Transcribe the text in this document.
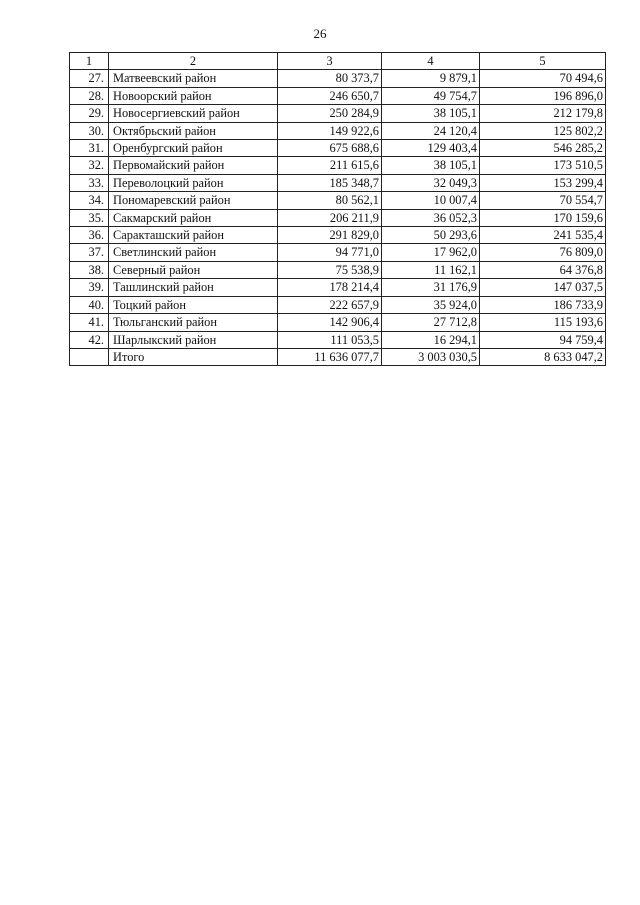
26
1	2	3	4	5
27.	Матвеевский район	80 373,7	9 879,1	70 494,6
28.	Новоорский район	246 650,7	49 754,7	196 896,0
29.	Новосергиевский район	250 284,9	38 105,1	212 179,8
30.	Октябрьский район	149 922,6	24 120,4	125 802,2
31.	Оренбургский район	675 688,6	129 403,4	546 285,2
32.	Первомайский район	211 615,6	38 105,1	173 510,5
33.	Переволоцкий район	185 348,7	32 049,3	153 299,4
34.	Пономаревский район	80 562,1	10 007,4	70 554,7
35.	Сакмарский район	206 211,9	36 052,3	170 159,6
36.	Саракташский район	291 829,0	50 293,6	241 535,4
37.	Светлинский район	94 771,0	17 962,0	76 809,0
38.	Северный район	75 538,9	11 162,1	64 376,8
39.	Ташлинский район	178 214,4	31 176,9	147 037,5
40.	Тоцкий район	222 657,9	35 924,0	186 733,9
41.	Тюльганский район	142 906,4	27 712,8	115 193,6
42.	Шарлыкский район	111 053,5	16 294,1	94 759,4
	Итого	11 636 077,7	3 003 030,5	8 633 047,2
